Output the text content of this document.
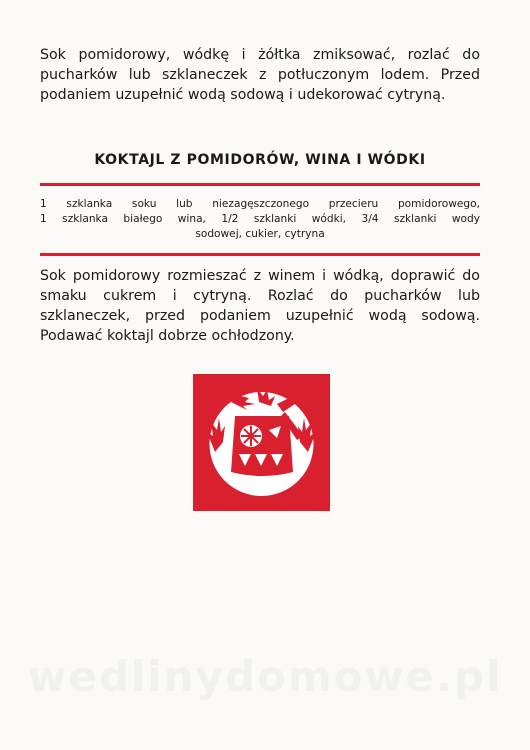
Sok pomidorowy, wódkę i żółtka zmiksować, rozlać do pucharków lub szklaneczek z potłuczonym lodem. Przed podaniem uzupełnić wodą sodową i udekorować cytryną.

KOKTAJL Z POMIDORÓW, WINA I WÓDKI
1 szklanka soku lub niezagęszczonego przecieru pomidorowego,
1 szklanka białego wina, 1/2 szklanki wódki, 3/4 szklanki wody
sodowej, cukier, cytryna

Sok pomidorowy rozmieszać z winem i wódką, doprawić do smaku cukrem i cytryną. Rozlać do pucharków lub szklaneczek, przed podaniem uzupełnić wodą sodową. Podawać koktajl dobrze ochłodzony.

wedlinydomowe.pl
